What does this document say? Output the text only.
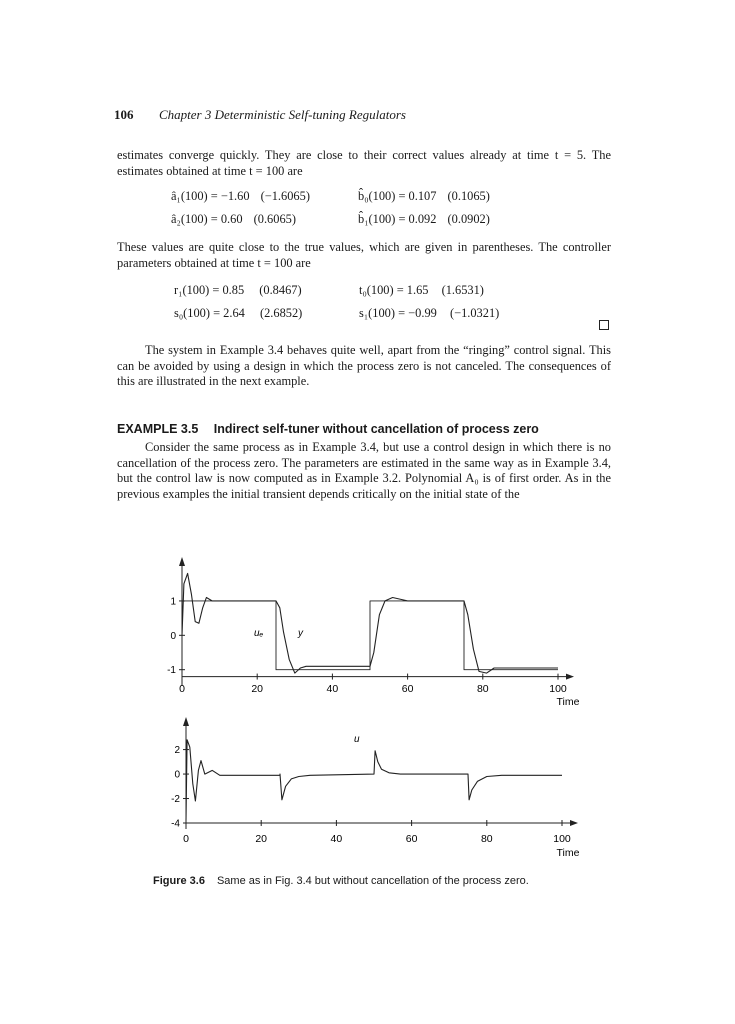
106 Chapter 3 Deterministic Self-tuning Regulators
estimates converge quickly. They are close to their correct values already at time t = 5. The estimates obtained at time t = 100 are
â₁(100) = −1.60 (−1.6065)	b̂₀(100) = 0.107 (0.1065)
â₂(100) = 0.60 (0.6065)	b̂₁(100) = 0.092 (0.0902)
These values are quite close to the true values, which are given in parentheses. The controller parameters obtained at time t = 100 are
r₁(100) = 0.85 (0.8467)	t₀(100) = 1.65 (1.6531)
s₀(100) = 2.64 (2.6852)	s₁(100) = −0.99 (−1.0321)
The system in Example 3.4 behaves quite well, apart from the “ringing” control signal. This can be avoided by using a design in which the process zero is not canceled. The consequences of this are illustrated in the next example.
EXAMPLE 3.5 Indirect self-tuner without cancellation of process zero
Consider the same process as in Example 3.4, but use a control design in which there is no cancellation of the process zero. The parameters are estimated in the same way as in Example 3.4, but the control law is now computed as in Example 3.2. Polynomial A₀ is of first order. As in the previous examples the initial transient depends critically on the initial state of the
0	20	40	60	80	100
1
0
-1
Time
uₑ	y
0	20	40	60	80	100
2
0
-2
-4
Time
u
Figure 3.6 Same as in Fig. 3.4 but without cancellation of the process zero.
